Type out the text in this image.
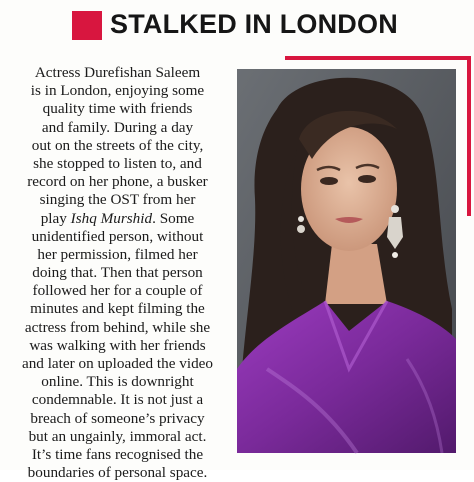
STALKED IN LONDON
Actress Durefishan Saleem
is in London, enjoying some
quality time with friends
and family. During a day
out on the streets of the city,
she stopped to listen to, and
record on her phone, a busker
singing the OST from her
play Ishq Murshid. Some
unidentified person, without
her permission, filmed her
doing that. Then that person
followed her for a couple of
minutes and kept filming the
actress from behind, while she
was walking with her friends
and later on uploaded the video
online. This is downright
condemnable. It is not just a
breach of someone’s privacy
but an ungainly, immoral act.
It’s time fans recognised the
boundaries of personal space.
